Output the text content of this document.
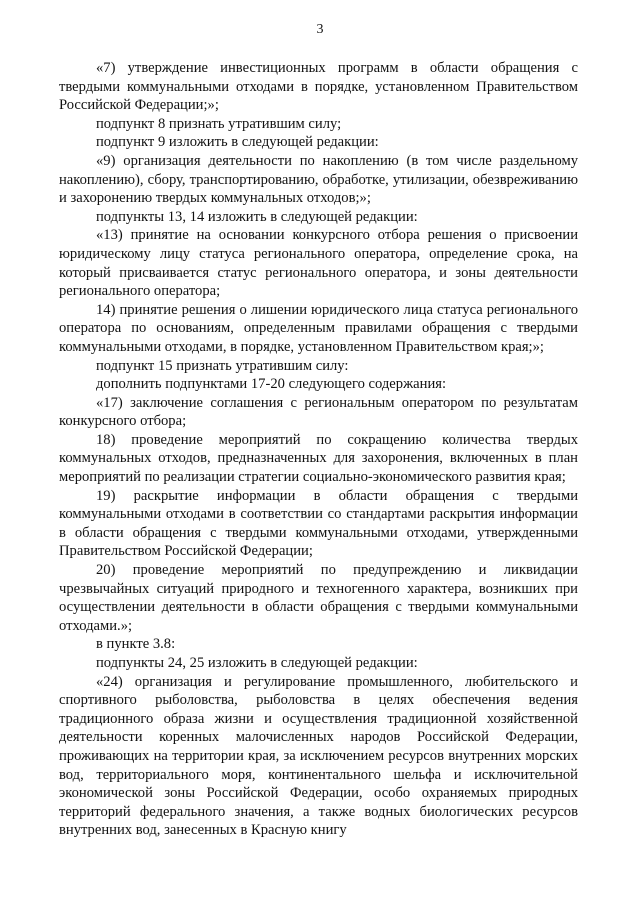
3

«7) утверждение инвестиционных программ в области обращения с твердыми коммунальными отходами в порядке, установленном Правительством Российской Федерации;»;

подпункт 8 признать утратившим силу;

подпункт 9 изложить в следующей редакции:

«9) организация деятельности по накоплению (в том числе раздельному накоплению), сбору, транспортированию, обработке, утилизации, обезвреживанию и захоронению твердых коммунальных отходов;»;

подпункты 13, 14 изложить в следующей редакции:

«13) принятие на основании конкурсного отбора решения о присвоении юридическому лицу статуса регионального оператора, определение срока, на который присваивается статус регионального оператора, и зоны деятельности регионального оператора;

14) принятие решения о лишении юридического лица статуса регионального оператора по основаниям, определенным правилами обращения с твердыми коммунальными отходами, в порядке, установленном Правительством края;»;

подпункт 15 признать утратившим силу:

дополнить подпунктами 17-20 следующего содержания:

«17) заключение соглашения с региональным оператором по результатам конкурсного отбора;

18) проведение мероприятий по сокращению количества твердых коммунальных отходов, предназначенных для захоронения, включенных в план мероприятий по реализации стратегии социально-экономического развития края;

19) раскрытие информации в области обращения с твердыми коммунальными отходами в соответствии со стандартами раскрытия информации в области обращения с твердыми коммунальными отходами, утвержденными Правительством Российской Федерации;

20) проведение мероприятий по предупреждению и ликвидации чрезвычайных ситуаций природного и техногенного характера, возникших при осуществлении деятельности в области обращения с твердыми коммунальными отходами.»;

в пункте 3.8:

подпункты 24, 25 изложить в следующей редакции:

«24) организация и регулирование промышленного, любительского и спортивного рыболовства, рыболовства в целях обеспечения ведения традиционного образа жизни и осуществления традиционной хозяйственной деятельности коренных малочисленных народов Российской Федерации, проживающих на территории края, за исключением ресурсов внутренних морских вод, территориального моря, континентального шельфа и исключительной экономической зоны Российской Федерации, особо охраняемых природных территорий федерального значения, а также водных биологических ресурсов внутренних вод, занесенных в Красную книгу
